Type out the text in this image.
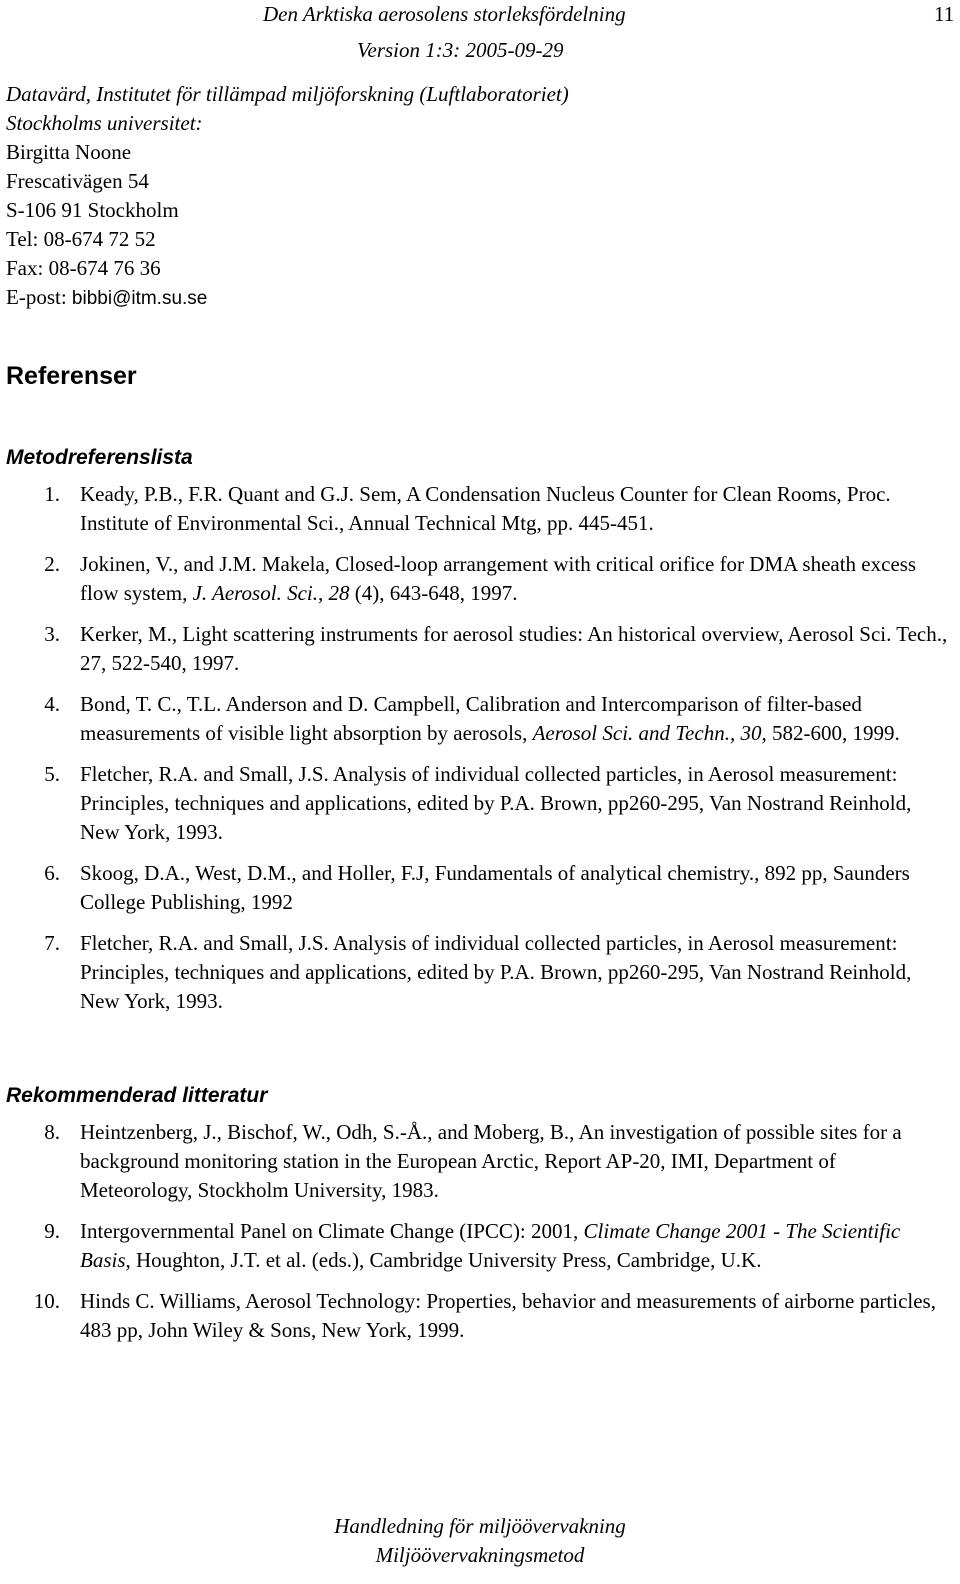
Den Arktiska aerosolens storleksfördelning	11
Version 1:3: 2005-09-29
Datavärd, Institutet för tillämpad miljöforskning (Luftlaboratoriet)
Stockholms universitet:
Birgitta Noone
Frescativägen 54
S-106 91 Stockholm
Tel: 08-674 72 52
Fax: 08-674 76 36
E-post: bibbi@itm.su.se
Referenser
Metodreferenslista
1. Keady, P.B., F.R. Quant and G.J. Sem, A Condensation Nucleus Counter for Clean Rooms, Proc. Institute of Environmental Sci., Annual Technical Mtg, pp. 445-451.
2. Jokinen, V., and J.M. Makela, Closed-loop arrangement with critical orifice for DMA sheath excess flow system, J. Aerosol. Sci., 28 (4), 643-648, 1997.
3. Kerker, M., Light scattering instruments for aerosol studies: An historical overview, Aerosol Sci. Tech., 27, 522-540, 1997.
4. Bond, T. C., T.L. Anderson and D. Campbell, Calibration and Intercomparison of filter-based measurements of visible light absorption by aerosols, Aerosol Sci. and Techn., 30, 582-600, 1999.
5. Fletcher, R.A. and Small, J.S. Analysis of individual collected particles, in Aerosol measurement: Principles, techniques and applications, edited by P.A. Brown, pp260-295, Van Nostrand Reinhold, New York, 1993.
6. Skoog, D.A., West, D.M., and Holler, F.J, Fundamentals of analytical chemistry., 892 pp, Saunders College Publishing, 1992
7. Fletcher, R.A. and Small, J.S. Analysis of individual collected particles, in Aerosol measurement: Principles, techniques and applications, edited by P.A. Brown, pp260-295, Van Nostrand Reinhold, New York, 1993.
Rekommenderad litteratur
8. Heintzenberg, J., Bischof, W., Odh, S.-Å., and Moberg, B., An investigation of possible sites for a background monitoring station in the European Arctic, Report AP-20, IMI, Department of Meteorology, Stockholm University, 1983.
9. Intergovernmental Panel on Climate Change (IPCC): 2001, Climate Change 2001 - The Scientific Basis, Houghton, J.T. et al. (eds.), Cambridge University Press, Cambridge, U.K.
10. Hinds C. Williams, Aerosol Technology: Properties, behavior and measurements of airborne particles, 483 pp, John Wiley & Sons, New York, 1999.
Handledning för miljöövervakning
Miljöövervakningsmetod
